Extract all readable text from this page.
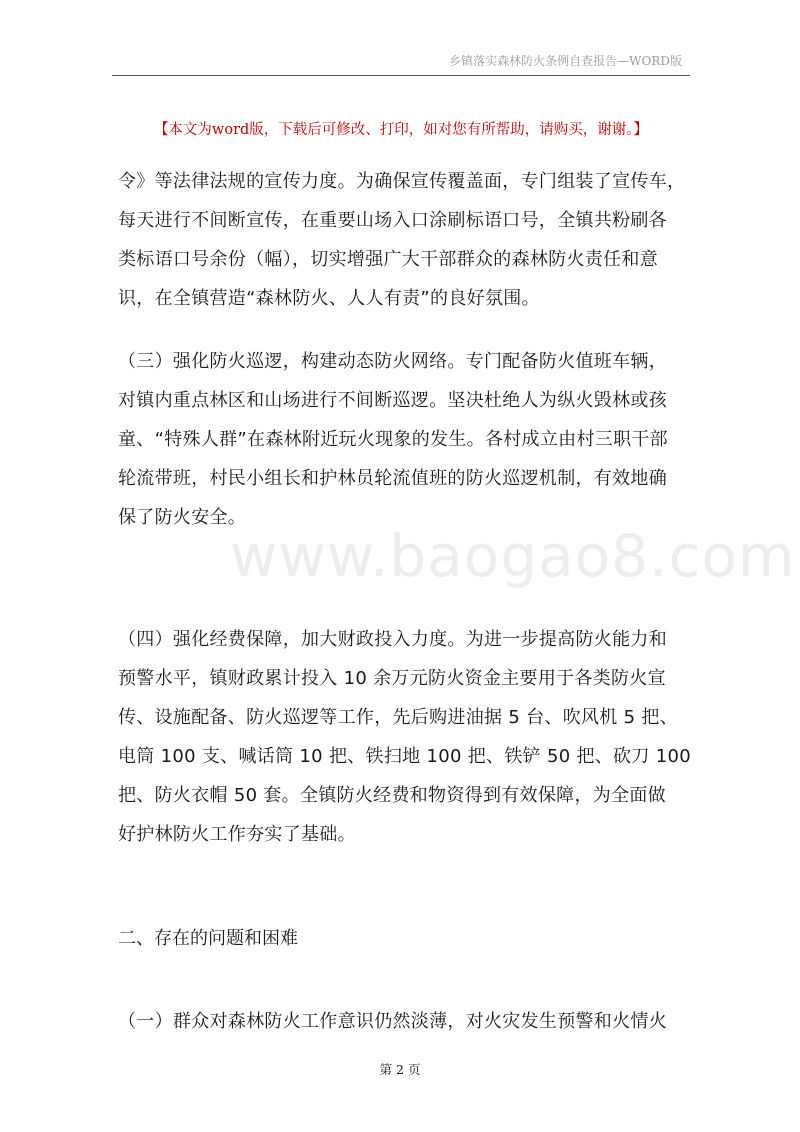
乡镇落实森林防火条例自查报告—WORD版
【本文为word版，下载后可修改、打印，如对您有所帮助，请购买，谢谢。】
令》等法律法规的宣传力度。为确保宣传覆盖面，专门组装了宣传车，
每天进行不间断宣传，在重要山场入口涂刷标语口号，全镇共粉刷各
类标语口号余份（幅），切实增强广大干部群众的森林防火责任和意
识，在全镇营造“森林防火、人人有责”的良好氛围。
（三）强化防火巡逻，构建动态防火网络。专门配备防火值班车辆，
对镇内重点林区和山场进行不间断巡逻。坚决杜绝人为纵火毁林或孩
童、“特殊人群”在森林附近玩火现象的发生。各村成立由村三职干部
轮流带班，村民小组长和护林员轮流值班的防火巡逻机制，有效地确
保了防火安全。
（四）强化经费保障，加大财政投入力度。为进一步提高防火能力和
预警水平，镇财政累计投入 10 余万元防火资金主要用于各类防火宣
传、设施配备、防火巡逻等工作，先后购进油据 5 台、吹风机 5 把、
电筒 100 支、喊话筒 10 把、铁扫地 100 把、铁铲 50 把、砍刀 100
把、防火衣帽 50 套。全镇防火经费和物资得到有效保障，为全面做
好护林防火工作夯实了基础。
二、存在的问题和困难
（一）群众对森林防火工作意识仍然淡薄，对火灾发生预警和火情火
www.baogao8.com
第 2 页
